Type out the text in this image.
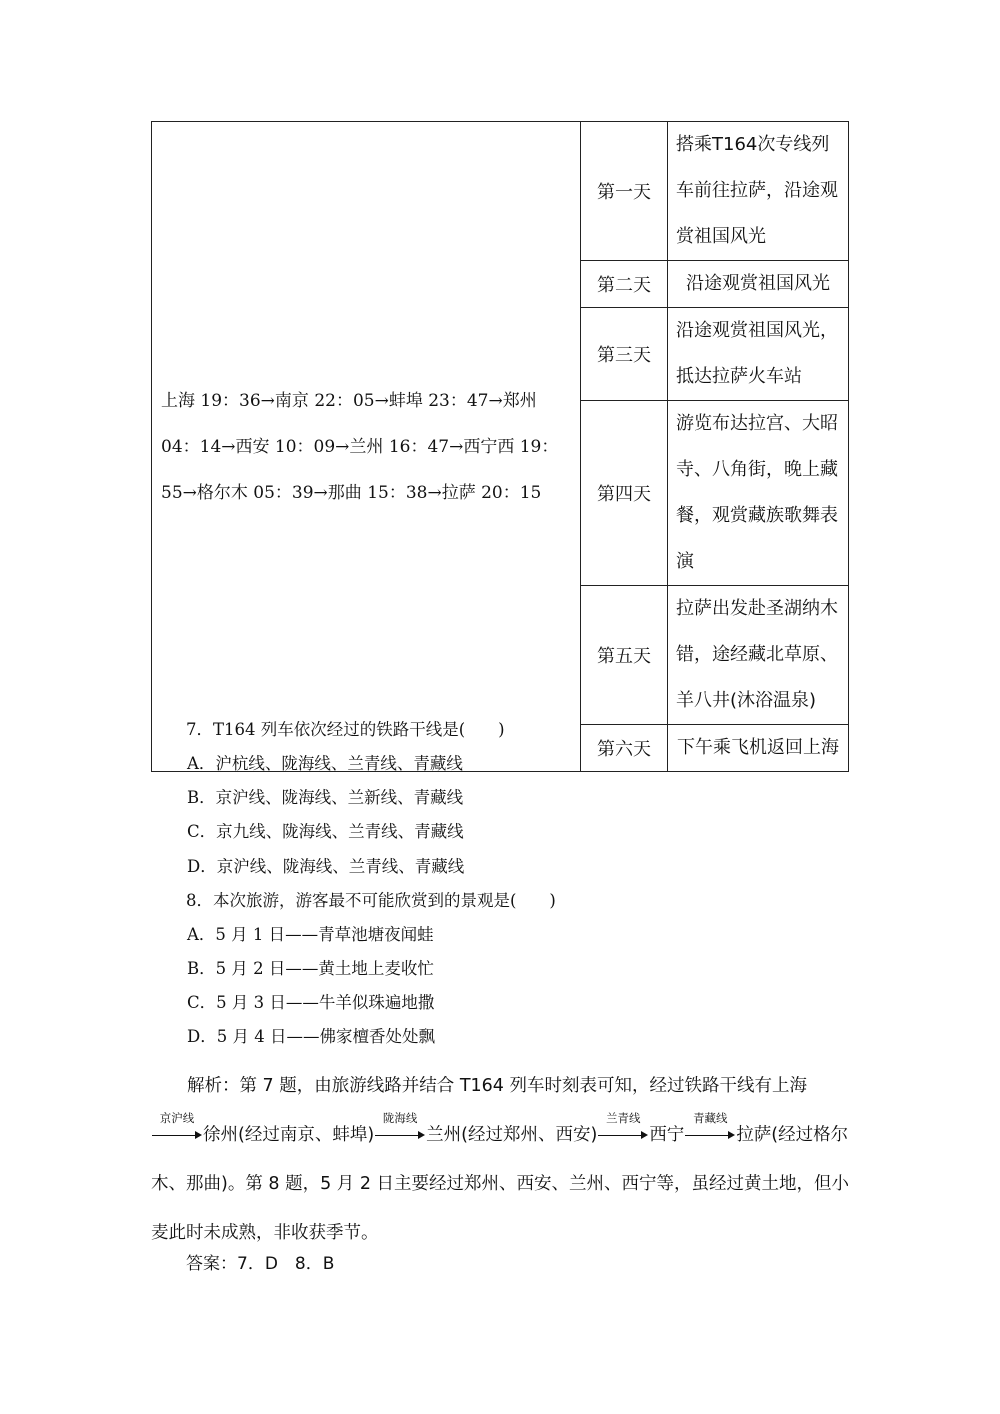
上海 19：36→南京 22：05→蚌埠 23：47→郑州
04：14→西安 10：09→兰州 16：47→西宁西 19：
55→格尔木 05：39→那曲 15：38→拉萨 20：15	第一天	搭乘T164次专线列车前往拉萨，沿途观赏祖国风光
	第二天	沿途观赏祖国风光
	第三天	沿途观赏祖国风光，抵达拉萨火车站
	第四天	游览布达拉宫、大昭寺、八角街，晚上藏餐，观赏藏族歌舞表演
	第五天	拉萨出发赴圣湖纳木错，途经藏北草原、羊八井(沐浴温泉)
	第六天	下午乘飞机返回上海
7．T164 列车依次经过的铁路干线是(　　)
A．沪杭线、陇海线、兰青线、青藏线
B．京沪线、陇海线、兰新线、青藏线
C．京九线、陇海线、兰青线、青藏线
D．京沪线、陇海线、兰青线、青藏线
8．本次旅游，游客最不可能欣赏到的景观是(　　)
A．5 月 1 日——青草池塘夜闻蛙
B．5 月 2 日——黄土地上麦收忙
C．5 月 3 日——牛羊似珠遍地撒
D．5 月 4 日——佛家檀香处处飘
解析：第 7 题，由旅游线路并结合 T164 列车时刻表可知，经过铁路干线有上海
京沪线
徐州(经过南京、蚌埠)
陇海线
兰州(经过郑州、西安)
兰青线
西宁
青藏线
拉萨(经过格尔木、那曲)。第 8 题，5 月 2 日主要经过郑州、西安、兰州、西宁等，虽经过黄土地，但小麦此时未成熟，非收获季节。
答案：7．D　8．B
